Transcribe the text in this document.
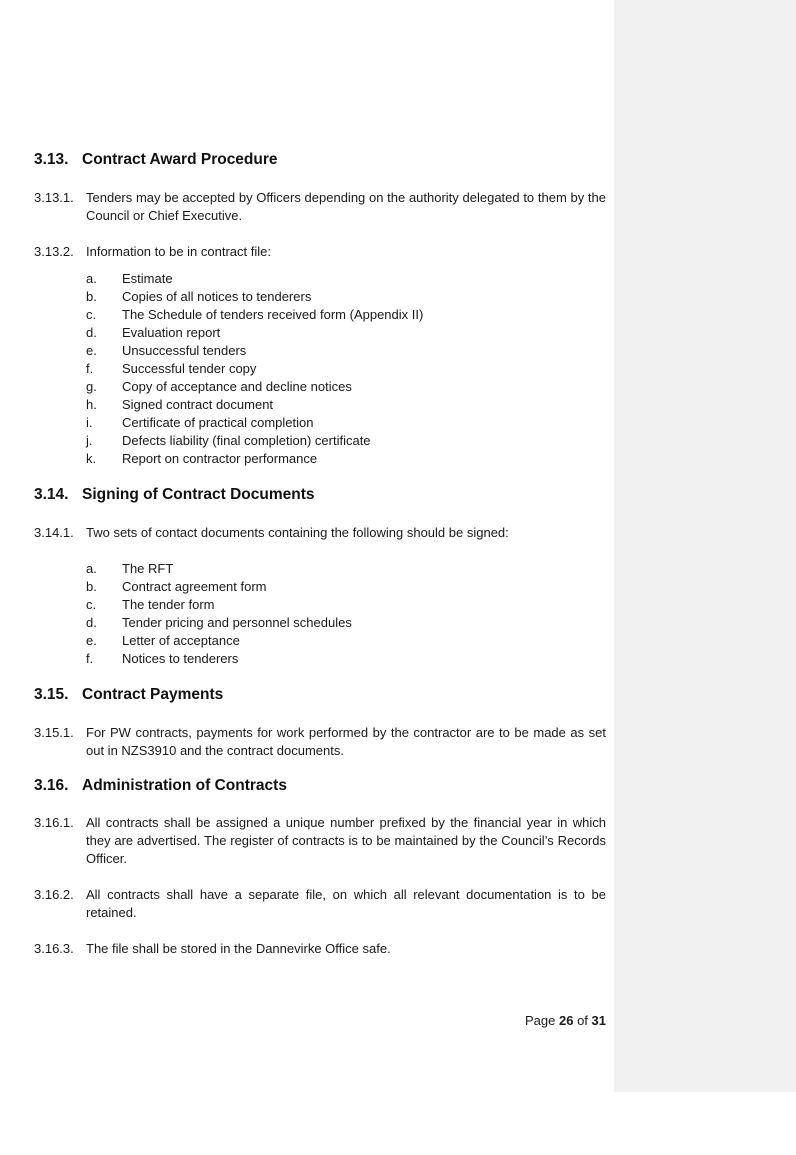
3.13. Contract Award Procedure
3.13.1. Tenders may be accepted by Officers depending on the authority delegated to them by the Council or Chief Executive.
3.13.2. Information to be in contract file:
a. Estimate
b. Copies of all notices to tenderers
c. The Schedule of tenders received form (Appendix II)
d. Evaluation report
e. Unsuccessful tenders
f. Successful tender copy
g. Copy of acceptance and decline notices
h. Signed contract document
i. Certificate of practical completion
j. Defects liability (final completion) certificate
k. Report on contractor performance
3.14. Signing of Contract Documents
3.14.1. Two sets of contact documents containing the following should be signed:
a. The RFT
b. Contract agreement form
c. The tender form
d. Tender pricing and personnel schedules
e. Letter of acceptance
f. Notices to tenderers
3.15. Contract Payments
3.15.1. For PW contracts, payments for work performed by the contractor are to be made as set out in NZS3910 and the contract documents.
3.16. Administration of Contracts
3.16.1. All contracts shall be assigned a unique number prefixed by the financial year in which they are advertised. The register of contracts is to be maintained by the Council’s Records Officer.
3.16.2. All contracts shall have a separate file, on which all relevant documentation is to be retained.
3.16.3. The file shall be stored in the Dannevirke Office safe.
Page 26 of 31
